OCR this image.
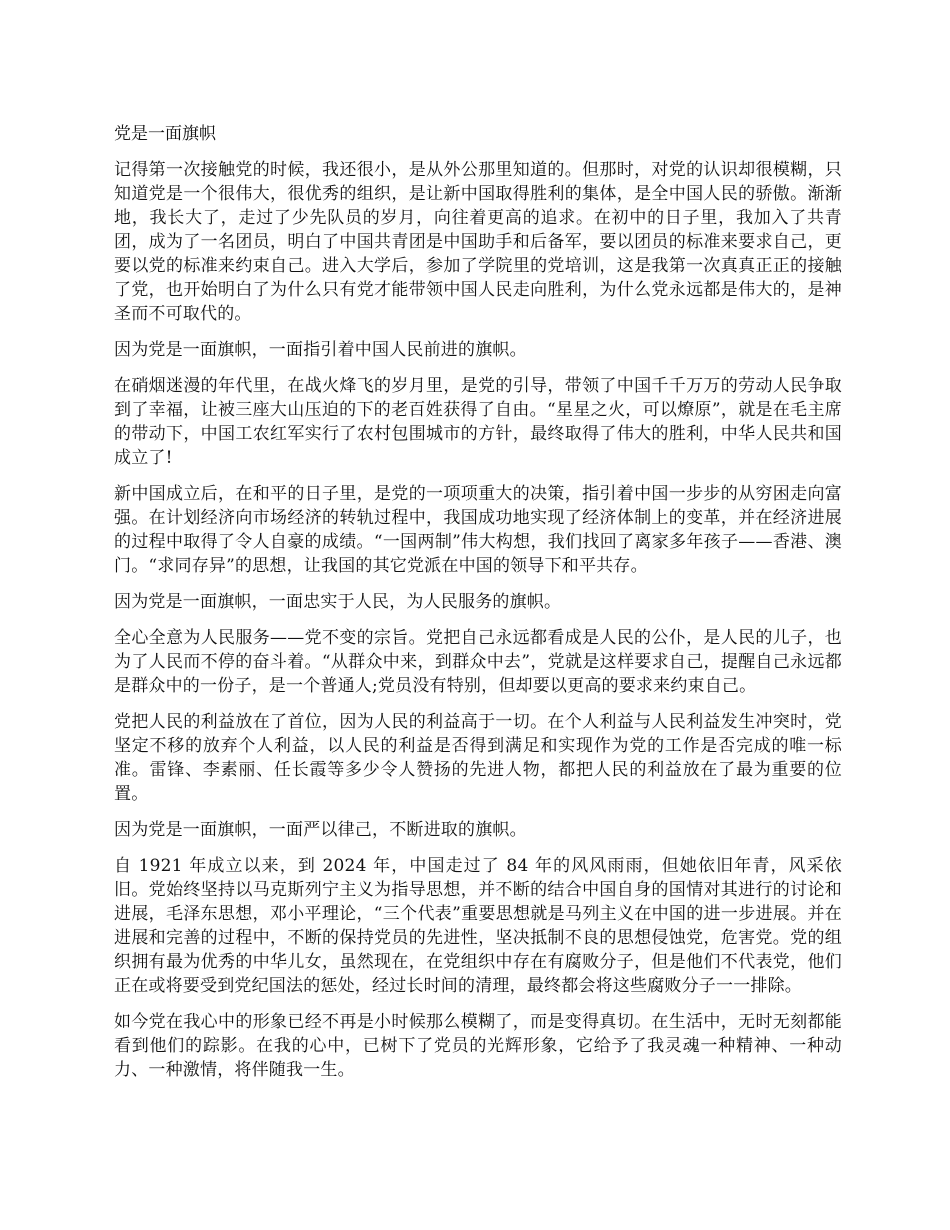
党是一面旗帜

记得第一次接触党的时候，我还很小，是从外公那里知道的。但那时，对党的认识却很模糊，只知道党是一个很伟大，很优秀的组织，是让新中国取得胜利的集体，是全中国人民的骄傲。渐渐地，我长大了，走过了少先队员的岁月，向往着更高的追求。在初中的日子里，我加入了共青团，成为了一名团员，明白了中国共青团是中国助手和后备军，要以团员的标准来要求自己，更要以党的标准来约束自己。进入大学后，参加了学院里的党培训，这是我第一次真真正正的接触了党，也开始明白了为什么只有党才能带领中国人民走向胜利，为什么党永远都是伟大的，是神圣而不可取代的。

因为党是一面旗帜，一面指引着中国人民前进的旗帜。

在硝烟迷漫的年代里，在战火烽飞的岁月里，是党的引导，带领了中国千千万万的劳动人民争取到了幸福，让被三座大山压迫的下的老百姓获得了自由。“星星之火，可以燎原”，就是在毛主席的带动下，中国工农红军实行了农村包围城市的方针，最终取得了伟大的胜利，中华人民共和国成立了!

新中国成立后，在和平的日子里，是党的一项项重大的决策，指引着中国一步步的从穷困走向富强。在计划经济向市场经济的转轨过程中，我国成功地实现了经济体制上的变革，并在经济进展的过程中取得了令人自豪的成绩。“一国两制”伟大构想，我们找回了离家多年孩子——香港、澳门。“求同存异”的思想，让我国的其它党派在中国的领导下和平共存。

因为党是一面旗帜，一面忠实于人民，为人民服务的旗帜。

全心全意为人民服务——党不变的宗旨。党把自己永远都看成是人民的公仆，是人民的儿子，也为了人民而不停的奋斗着。“从群众中来，到群众中去”，党就是这样要求自己，提醒自己永远都是群众中的一份子，是一个普通人;党员没有特别，但却要以更高的要求来约束自己。

党把人民的利益放在了首位，因为人民的利益高于一切。在个人利益与人民利益发生冲突时，党坚定不移的放弃个人利益，以人民的利益是否得到满足和实现作为党的工作是否完成的唯一标准。雷锋、李素丽、任长霞等多少令人赞扬的先进人物，都把人民的利益放在了最为重要的位置。

因为党是一面旗帜，一面严以律己，不断进取的旗帜。

自 1921 年成立以来，到 2024 年，中国走过了 84 年的风风雨雨，但她依旧年青，风采依旧。党始终坚持以马克斯列宁主义为指导思想，并不断的结合中国自身的国情对其进行的讨论和进展，毛泽东思想，邓小平理论，“三个代表”重要思想就是马列主义在中国的进一步进展。并在进展和完善的过程中，不断的保持党员的先进性，坚决抵制不良的思想侵蚀党，危害党。党的组织拥有最为优秀的中华儿女，虽然现在，在党组织中存在有腐败分子，但是他们不代表党，他们正在或将要受到党纪国法的惩处，经过长时间的清理，最终都会将这些腐败分子一一排除。

如今党在我心中的形象已经不再是小时候那么模糊了，而是变得真切。在生活中，无时无刻都能看到他们的踪影。在我的心中，已树下了党员的光辉形象，它给予了我灵魂一种精神、一种动力、一种激情，将伴随我一生。
